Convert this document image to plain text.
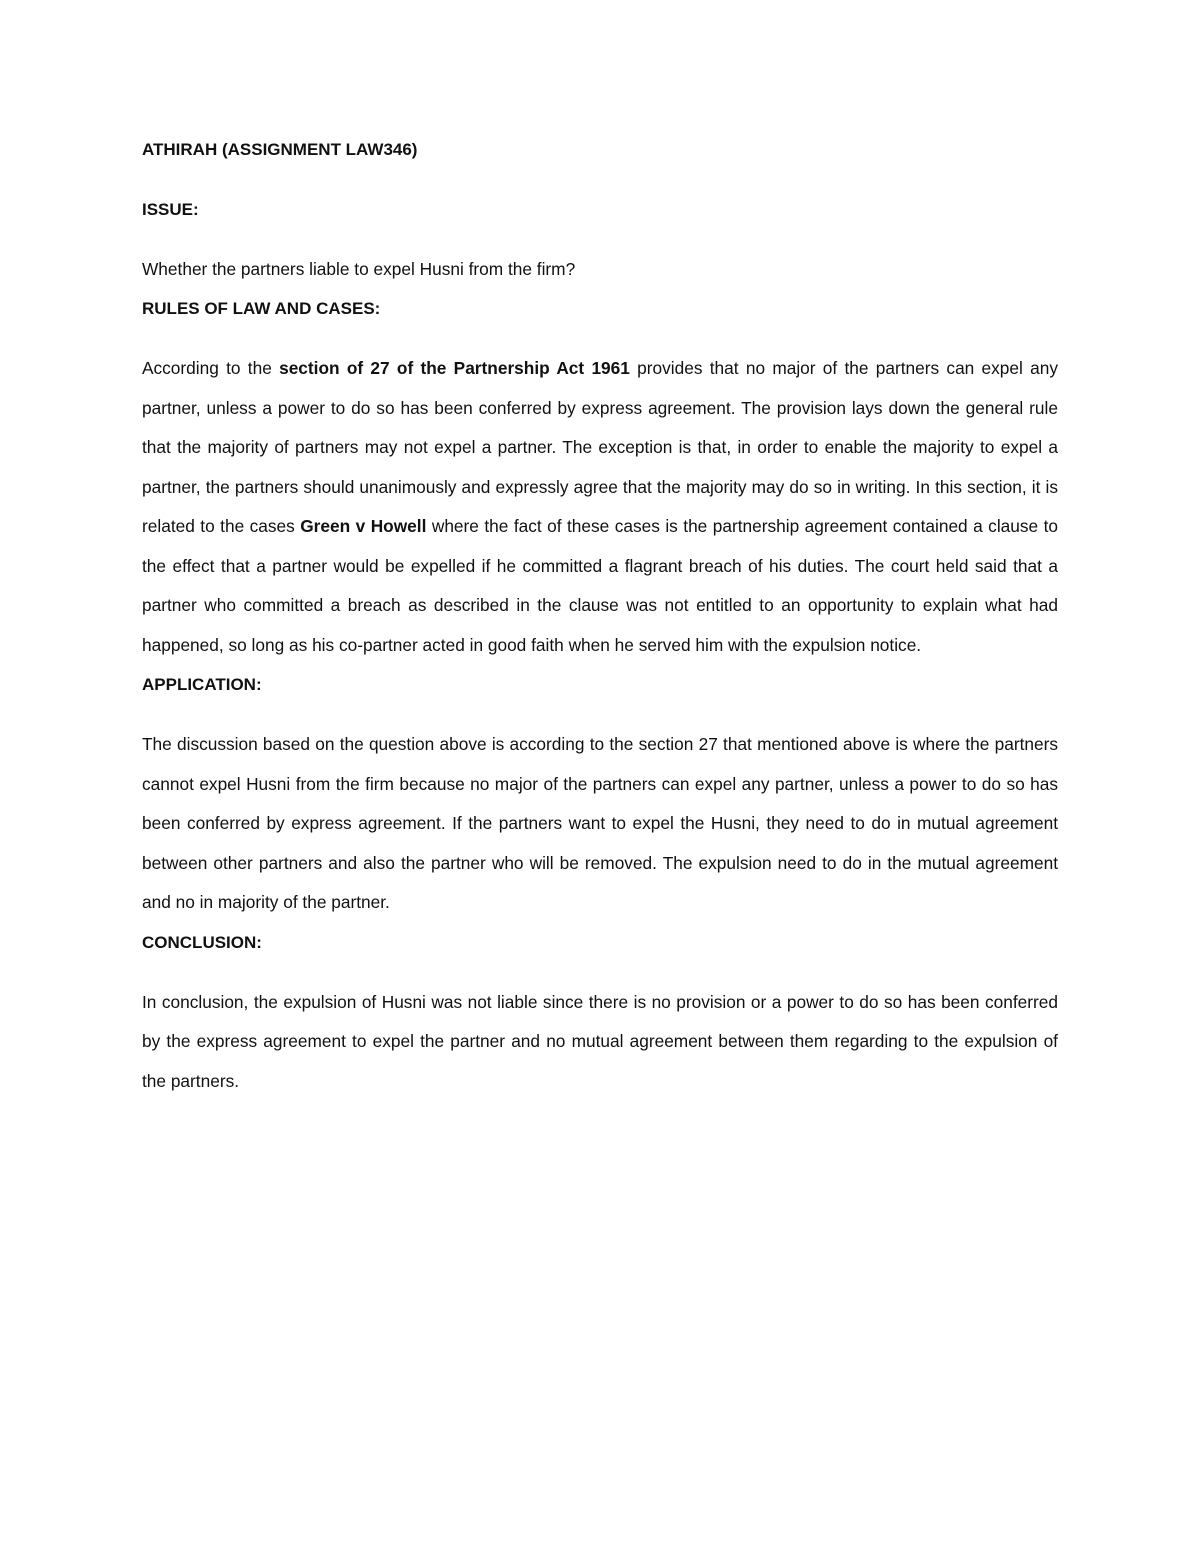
ATHIRAH (ASSIGNMENT LAW346)

ISSUE:

Whether the partners liable to expel Husni from the firm?

RULES OF LAW AND CASES:

According to the section of 27 of the Partnership Act 1961 provides that no major of the partners can expel any partner, unless a power to do so has been conferred by express agreement. The provision lays down the general rule that the majority of partners may not expel a partner. The exception is that, in order to enable the majority to expel a partner, the partners should unanimously and expressly agree that the majority may do so in writing. In this section, it is related to the cases Green v Howell where the fact of these cases is the partnership agreement contained a clause to the effect that a partner would be expelled if he committed a flagrant breach of his duties. The court held said that a partner who committed a breach as described in the clause was not entitled to an opportunity to explain what had happened, so long as his co-partner acted in good faith when he served him with the expulsion notice.

APPLICATION:

The discussion based on the question above is according to the section 27 that mentioned above is where the partners cannot expel Husni from the firm because no major of the partners can expel any partner, unless a power to do so has been conferred by express agreement. If the partners want to expel the Husni, they need to do in mutual agreement between other partners and also the partner who will be removed. The expulsion need to do in the mutual agreement and no in majority of the partner.

CONCLUSION:

In conclusion, the expulsion of Husni was not liable since there is no provision or a power to do so has been conferred by the express agreement to expel the partner and no mutual agreement between them regarding to the expulsion of the partners.
